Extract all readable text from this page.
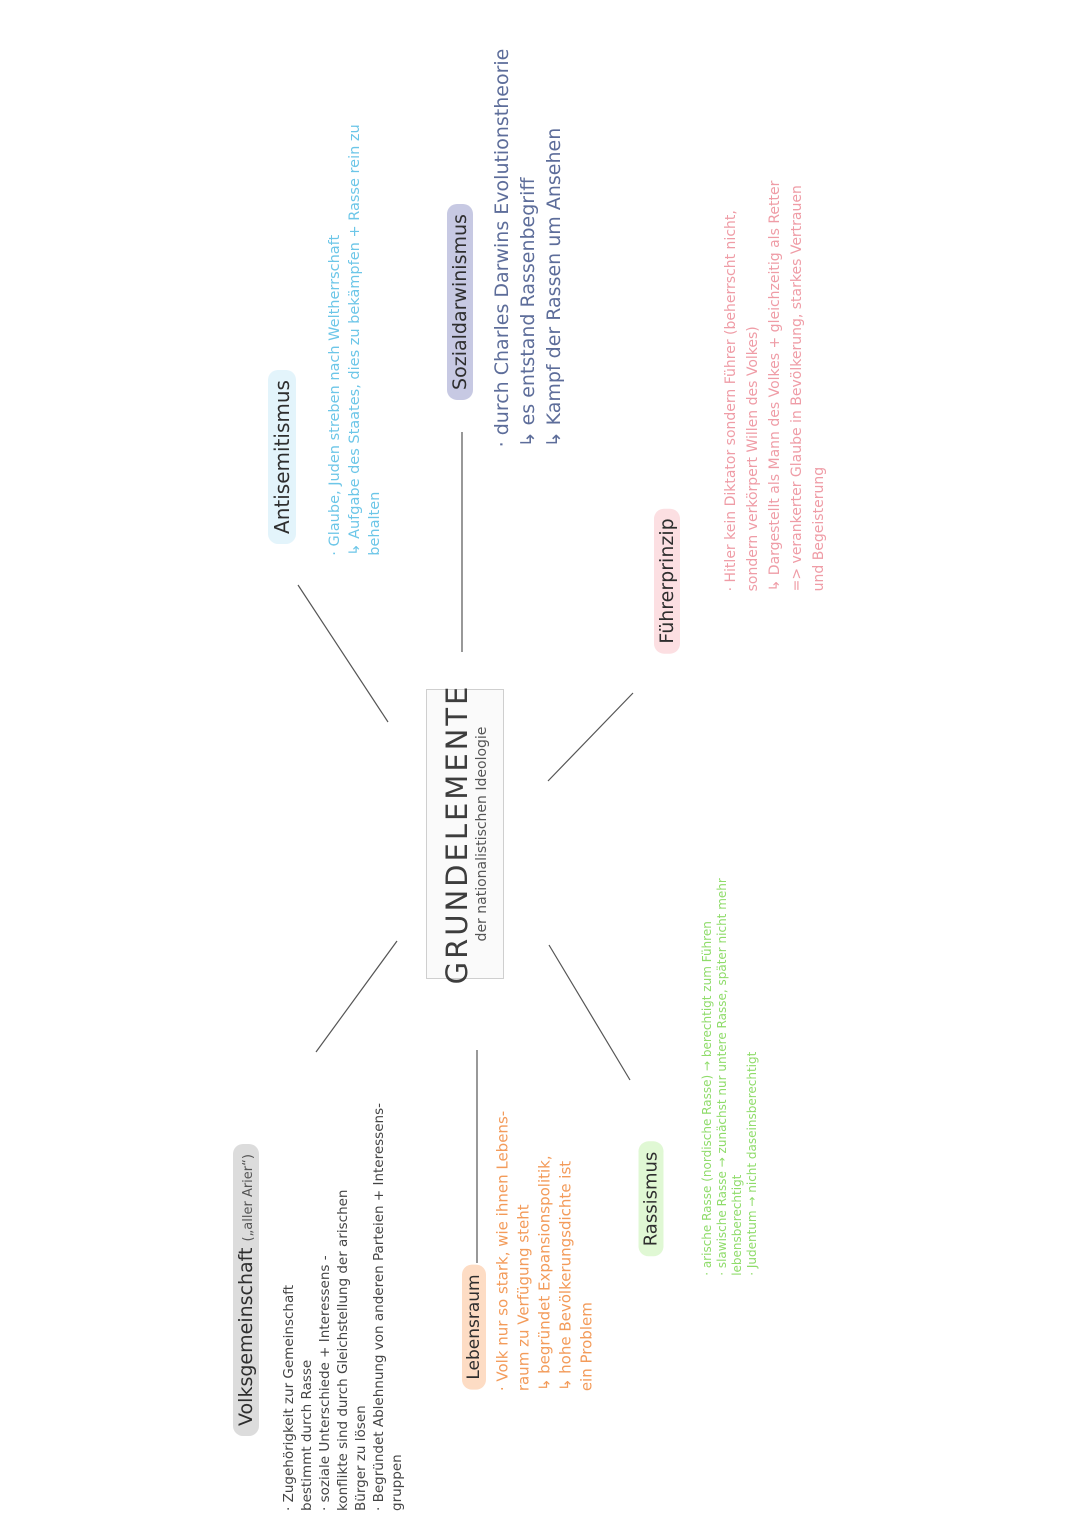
GRUNDELEMENTE der nationalistischen Ideologie
Antisemitismus · Glaube, Juden streben nach Weltherrschaft ↳ Aufgabe des Staates, dies zu bekämpfen + Rasse rein zu behalten
Sozialdarwinismus · durch Charles Darwins Evolutionstheorie ↳ es entstand Rassenbegriff ↳ Kampf der Rassen um Ansehen
Führerprinzip	· Hitler kein Diktator sondern Führer (beherrscht nicht, sondern verkörpert Willen des Volkes) ↳ Dargestellt als Mann des Volkes + gleichzeitig als Retter => verankerter Glaube in Bevölkerung, starkes Vertrauen und Begeisterung
Volksgemeinschaft(„aller Arier“)
· Zugehörigkeit zur Gemeinschaft bestimmt durch Rasse · soziale Unterschiede + Interessens - konflikte sind durch Gleichstellung der arischen Bürger zu lösen · Begründet Ablehnung von anderen Parteien + Interessens- gruppen
Lebensraum · Volk nur so stark, wie ihnen Lebens- raum zu Verfügung steht ↳ begründet Expansionspolitik, ↳ hohe Bevölkerungsdichte ist ein Problem
Rassismus	· arische Rasse (nordische Rasse) → berechtigt zum Führen · slawische Rasse → zunächst nur untere Rasse, später nicht mehr lebensberechtigt · Judentum → nicht daseinsberechtigt
